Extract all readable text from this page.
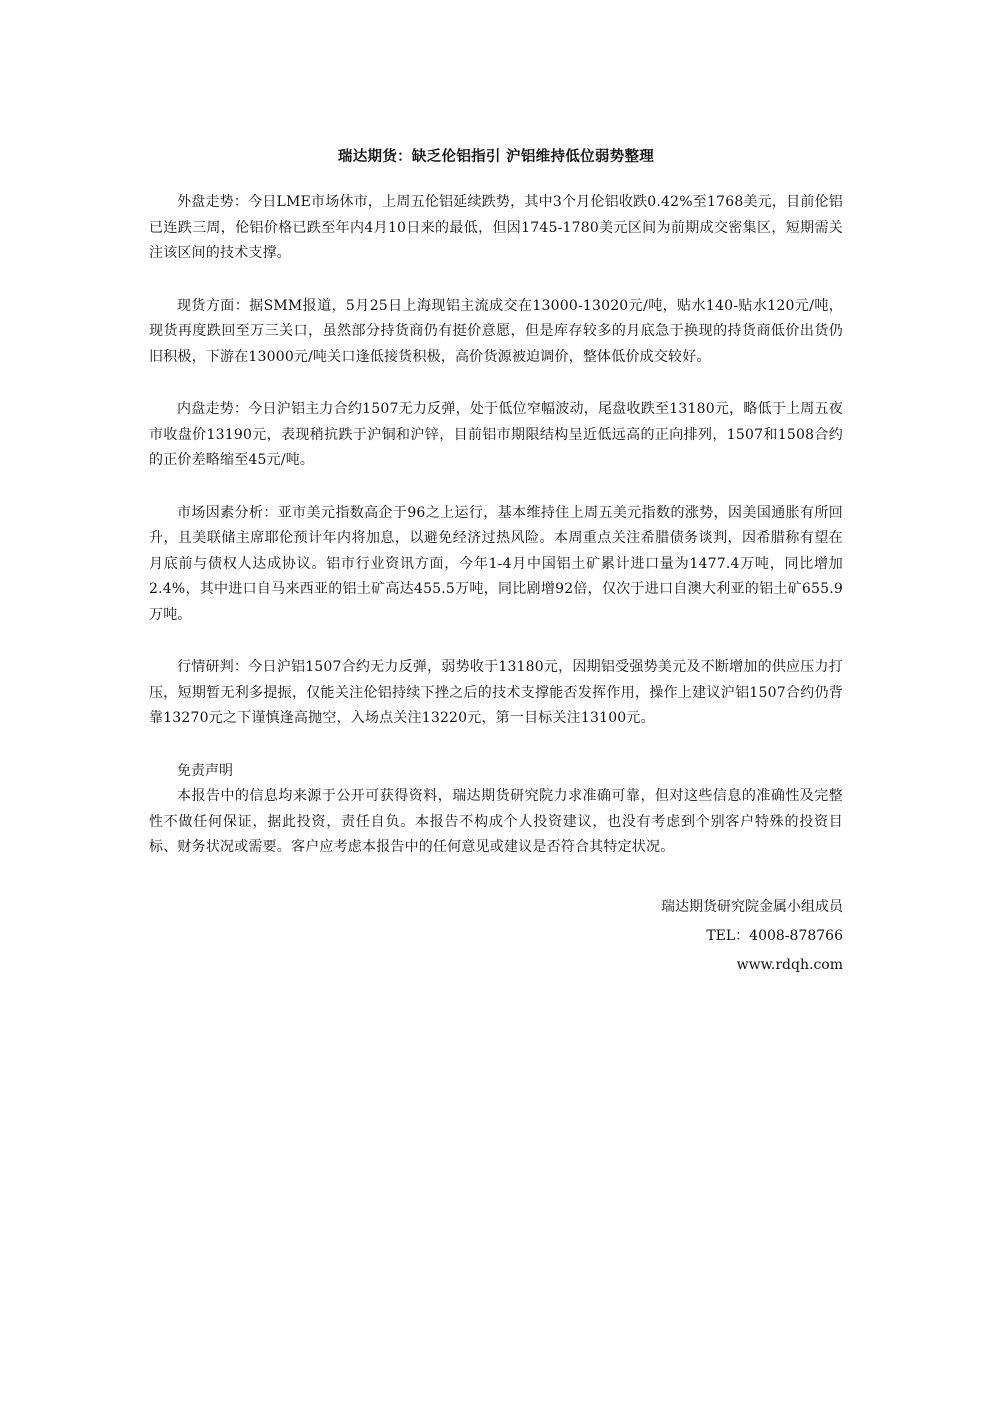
瑞达期货：缺乏伦铝指引 沪铝维持低位弱势整理

外盘走势：今日LME市场休市，上周五伦铝延续跌势，其中3个月伦铝收跌0.42%至1768美元，目前伦铝已连跌三周，伦铝价格已跌至年内4月10日来的最低，但因1745-1780美元区间为前期成交密集区，短期需关注该区间的技术支撑。

现货方面：据SMM报道，5月25日上海现铝主流成交在13000-13020元/吨，贴水140-贴水120元/吨，现货再度跌回至万三关口，虽然部分持货商仍有挺价意愿，但是库存较多的月底急于换现的持货商低价出货仍旧积极，下游在13000元/吨关口逢低接货积极，高价货源被迫调价，整体低价成交较好。

内盘走势：今日沪铝主力合约1507无力反弹，处于低位窄幅波动，尾盘收跌至13180元，略低于上周五夜市收盘价13190元，表现稍抗跌于沪铜和沪锌，目前铝市期限结构呈近低远高的正向排列，1507和1508合约的正价差略缩至45元/吨。

市场因素分析：亚市美元指数高企于96之上运行，基本维持住上周五美元指数的涨势，因美国通胀有所回升，且美联储主席耶伦预计年内将加息，以避免经济过热风险。本周重点关注希腊债务谈判，因希腊称有望在月底前与债权人达成协议。铝市行业资讯方面，今年1-4月中国铝土矿累计进口量为1477.4万吨，同比增加2.4%，其中进口自马来西亚的铝土矿高达455.5万吨，同比剧增92倍，仅次于进口自澳大利亚的铝土矿655.9万吨。

行情研判：今日沪铝1507合约无力反弹，弱势收于13180元，因期铝受强势美元及不断增加的供应压力打压，短期暂无利多提振，仅能关注伦铝持续下挫之后的技术支撑能否发挥作用，操作上建议沪铝1507合约仍背靠13270元之下谨慎逢高抛空，入场点关注13220元，第一目标关注13100元。

免责声明

本报告中的信息均来源于公开可获得资料，瑞达期货研究院力求准确可靠，但对这些信息的准确性及完整性不做任何保证，据此投资，责任自负。本报告不构成个人投资建议，也没有考虑到个别客户特殊的投资目标、财务状况或需要。客户应考虑本报告中的任何意见或建议是否符合其特定状况。

瑞达期货研究院金属小组成员

TEL：4008-878766

www.rdqh.com
